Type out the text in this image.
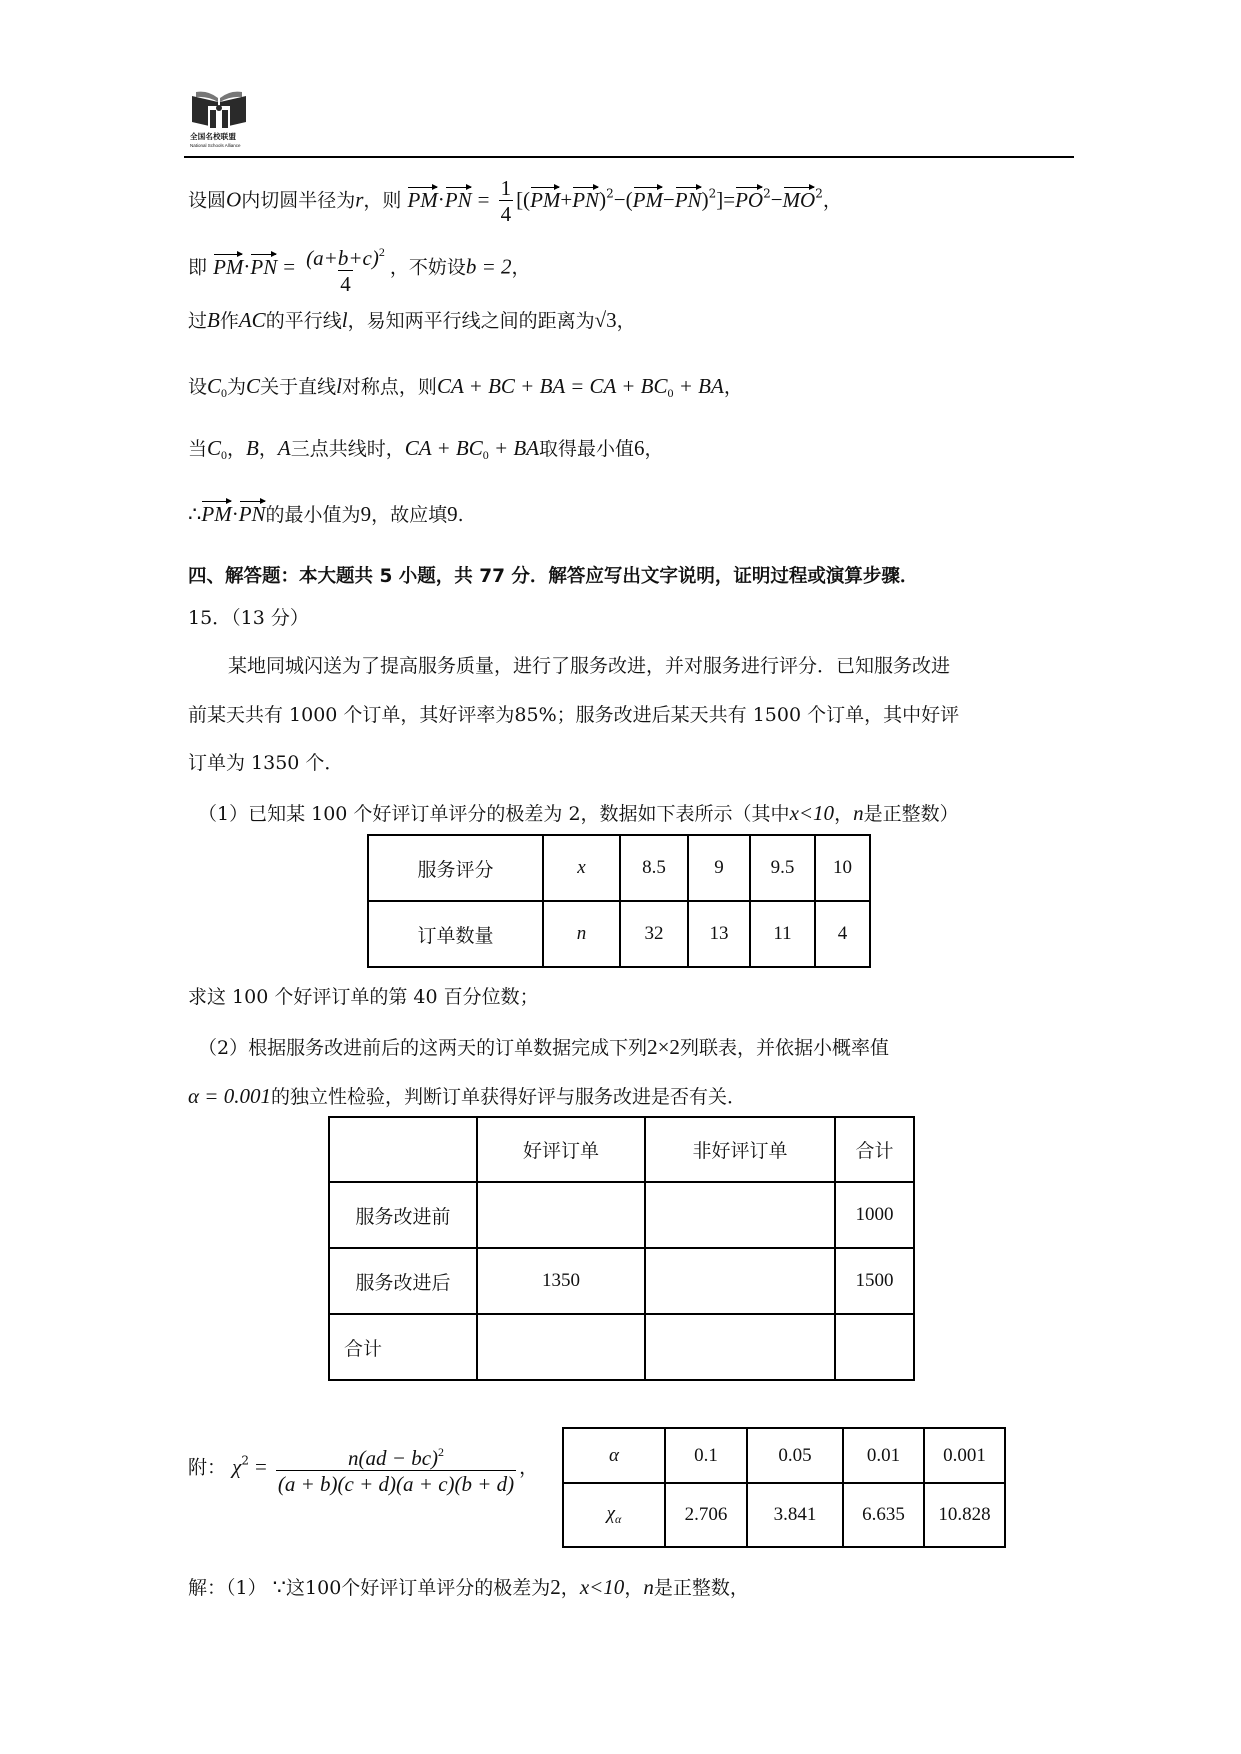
全国名校联盟
National Schools Alliance
设圆O内切圆半径为r，则 $PM\cdot PN = \frac{1}{4} [(PM+PN)^2-(PM-PN)^2]=PO^2-MO^2$，
即 $PM\cdot PN = \frac{(a+b+c)^2}{4}$ ，不妨设b = 2，
过B作AC的平行线l，易知两平行线之间的距离为√3，
设$C_0$为C关于直线l对称点，则CA + BC + BA = CA + $BC_0$ + BA，
当$C_0$，B，A三点共线时，CA + $BC_0$ + BA取得最小值6，
∴PM·PN的最小值为9，故应填9.
四、解答题：本大题共 5 小题，共 77 分．解答应写出文字说明，证明过程或演算步骤．
15．（13 分）
某地同城闪送为了提高服务质量，进行了服务改进，并对服务进行评分．已知服务改进
前某天共有 1000 个订单，其好评率为85%；服务改进后某天共有 1500 个订单，其中好评
订单为 1350 个．
（1）已知某 100 个好评订单评分的极差为 2，数据如下表所示（其中x<10，n是正整数）
服务评分	x	8.5	9	9.5	10
订单数量	n	32	13	11	4
求这 100 个好评订单的第 40 百分位数；
（2）根据服务改进前后的这两天的订单数据完成下列2×2列联表，并依据小概率值
α = 0.001的独立性检验，判断订单获得好评与服务改进是否有关．
	好评订单	非好评订单	合计
服务改进前			1000
服务改进后	1350		1500
合计			
附： $\chi^2 = \frac{n(ad - bc)^2}{(a + b)(c + d)(a + c)(b + d)}$ ，
α	0.1	0.05	0.01	0.001
$\chi_\alpha$	2.706	3.841	6.635	10.828
解：（1） ∵这100个好评订单评分的极差为2，x<10，n是正整数，
